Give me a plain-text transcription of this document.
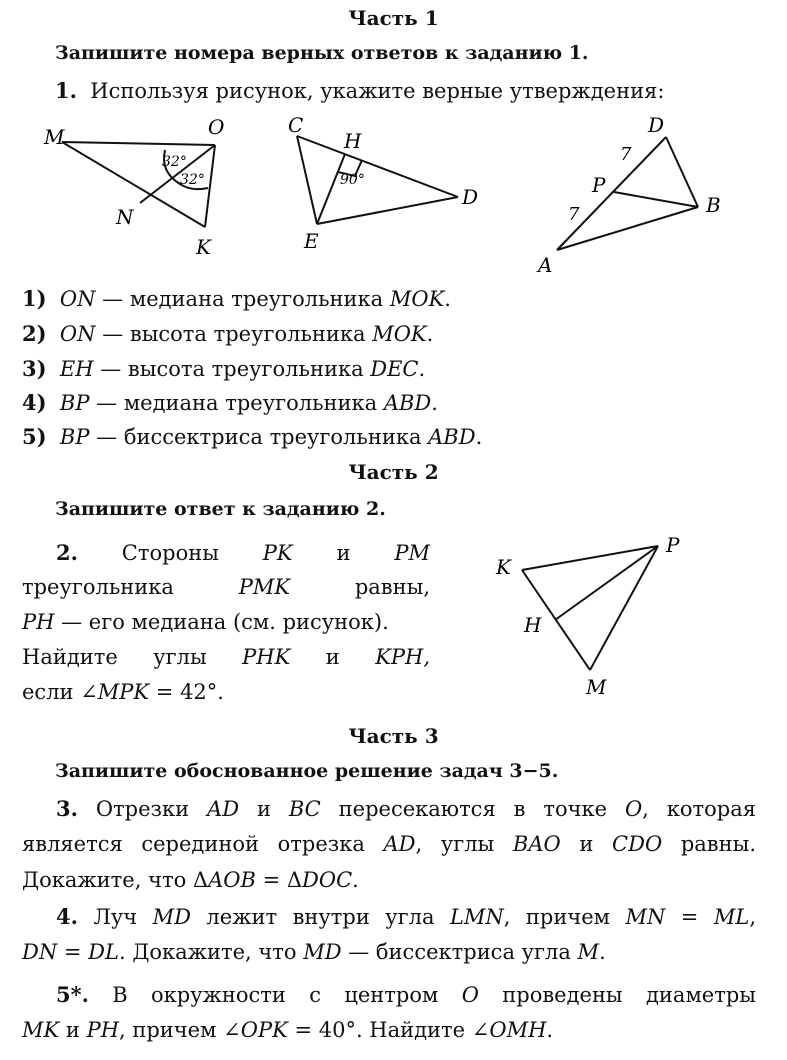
Часть 1
Запишите номера верных ответов к заданию 1.
1. Используя рисунок, укажите верные утверждения:
M	O
N
K
32°
32°
C
H
D
E
90°
D
P
B
A
7
7
1) ON — медиана треугольника MOK.
2) ON — высота треугольника MOK.
3) EH — высота треугольника DEC.
4) BP — медиана треугольника ABD.
5) BP — биссектриса треугольника ABD.
Часть 2
Запишите ответ к заданию 2.
2. Стороны PK и PM
треугольника	PMK	равны,
PH — его медиана (см. рисунок).
Найдите углы PHK и KPH,
если ∠MPK = 42°.
K
P
H
M
Часть 3
Запишите обоснованное решение задач 3−5.
3. Отрезки AD и BC пересекаются в точке O, которая
является серединой отрезка AD, углы BAO и CDO равны.
Докажите, что ΔAOB = ΔDOC.
4. Луч MD лежит внутри угла LMN, причем MN = ML,
DN = DL. Докажите, что MD — биссектриса угла M.
5*. В окружности с центром O проведены диаметры
MK и PH, причем ∠OPK = 40°. Найдите ∠OMH.
